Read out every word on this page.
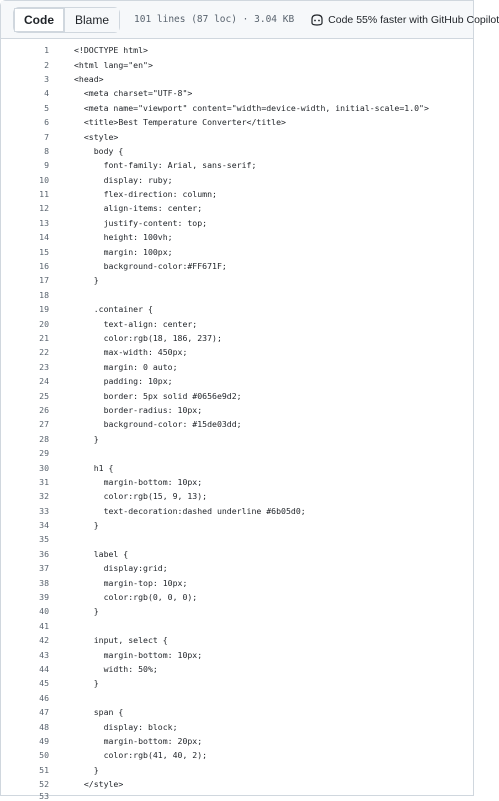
Code	Blame	101 lines (87 loc) · 3.04 KB	Code 55% faster with GitHub Copilot
1	<!DOCTYPE html>
2	<html lang="en">
3	<head>
4	<meta charset="UTF-8">
5	<meta name="viewport" content="width=device-width, initial-scale=1.0">
6	<title>Best Temperature Converter</title>
7	<style>
8	body {
9	font-family: Arial, sans-serif;
10	display: ruby;
11	flex-direction: column;
12	align-items: center;
13	justify-content: top;
14	height: 100vh;
15	margin: 100px;
16	background-color:#FF671F;
17	}
18
19	.container {
20	text-align: center;
21	color:rgb(18, 186, 237);
22	max-width: 450px;
23	margin: 0 auto;
24	padding: 10px;
25	border: 5px solid #0656e9d2;
26	border-radius: 10px;
27	background-color: #15de03dd;
28	}
29
30	h1 {
31	margin-bottom: 10px;
32	color:rgb(15, 9, 13);
33	text-decoration:dashed underline #6b05d0;
34	}
35
36	label {
37	display:grid;
38	margin-top: 10px;
39	color:rgb(0, 0, 0);
40	}
41
42	input, select {
43	margin-bottom: 10px;
44	width: 50%;
45	}
46
47	span {
48	display: block;
49	margin-bottom: 20px;
50	color:rgb(41, 40, 2);
51	}
52	</style>
53
